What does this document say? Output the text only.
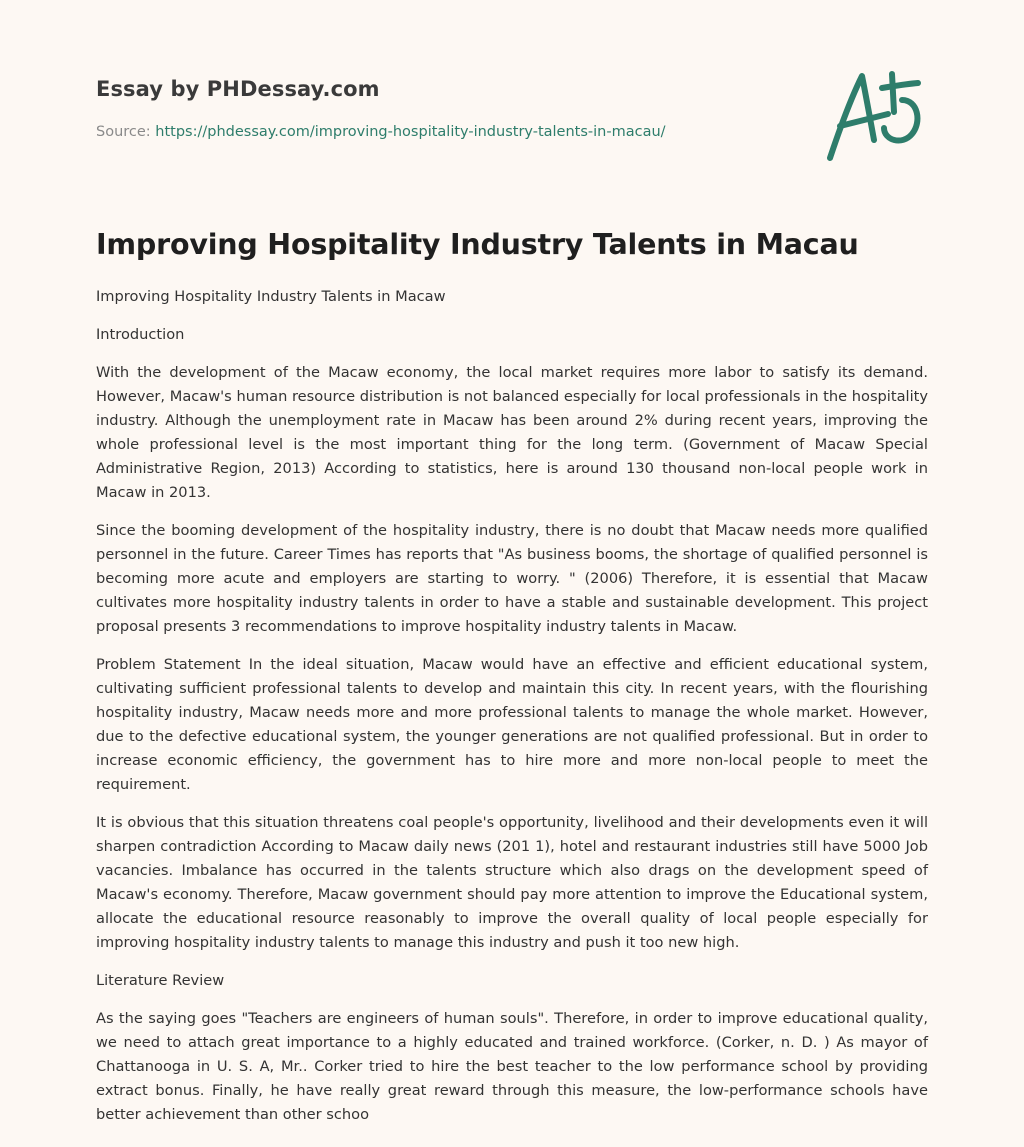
Essay by PHDessay.com
Source: https://phdessay.com/improving-hospitality-industry-talents-in-macau/
Improving Hospitality Industry Talents in Macau

Improving Hospitality Industry Talents in Macaw

Introduction

With the development of the Macaw economy, the local market requires more labor to satisfy its demand. However, Macaw's human resource distribution is not balanced especially for local professionals in the hospitality industry. Although the unemployment rate in Macaw has been around 2% during recent years, improving the whole professional level is the most important thing for the long term. (Government of Macaw Special Administrative Region, 2013) According to statistics, here is around 130 thousand non-local people work in Macaw in 2013.

Since the booming development of the hospitality industry, there is no doubt that Macaw needs more qualified personnel in the future. Career Times has reports that "As business booms, the shortage of qualified personnel is becoming more acute and employers are starting to worry. " (2006) Therefore, it is essential that Macaw cultivates more hospitality industry talents in order to have a stable and sustainable development. This project proposal presents 3 recommendations to improve hospitality industry talents in Macaw.

Problem Statement In the ideal situation, Macaw would have an effective and efficient educational system, cultivating sufficient professional talents to develop and maintain this city. In recent years, with the flourishing hospitality industry, Macaw needs more and more professional talents to manage the whole market. However, due to the defective educational system, the younger generations are not qualified professional. But in order to increase economic efficiency, the government has to hire more and more non-local people to meet the requirement.

It is obvious that this situation threatens coal people's opportunity, livelihood and their developments even it will sharpen contradiction According to Macaw daily news (201 1), hotel and restaurant industries still have 5000 Job vacancies. Imbalance has occurred in the talents structure which also drags on the development speed of Macaw's economy. Therefore, Macaw government should pay more attention to improve the Educational system, allocate the educational resource reasonably to improve the overall quality of local people especially for improving hospitality industry talents to manage this industry and push it too new high.

Literature Review

As the saying goes "Teachers are engineers of human souls". Therefore, in order to improve educational quality, we need to attach great importance to a highly educated and trained workforce. (Corker, n. D. ) As mayor of Chattanooga in U. S. A, Mr.. Corker tried to hire the best teacher to the low performance school by providing extract bonus. Finally, he have really great reward through this measure, the low-performance schools have better achievement than other schoo
